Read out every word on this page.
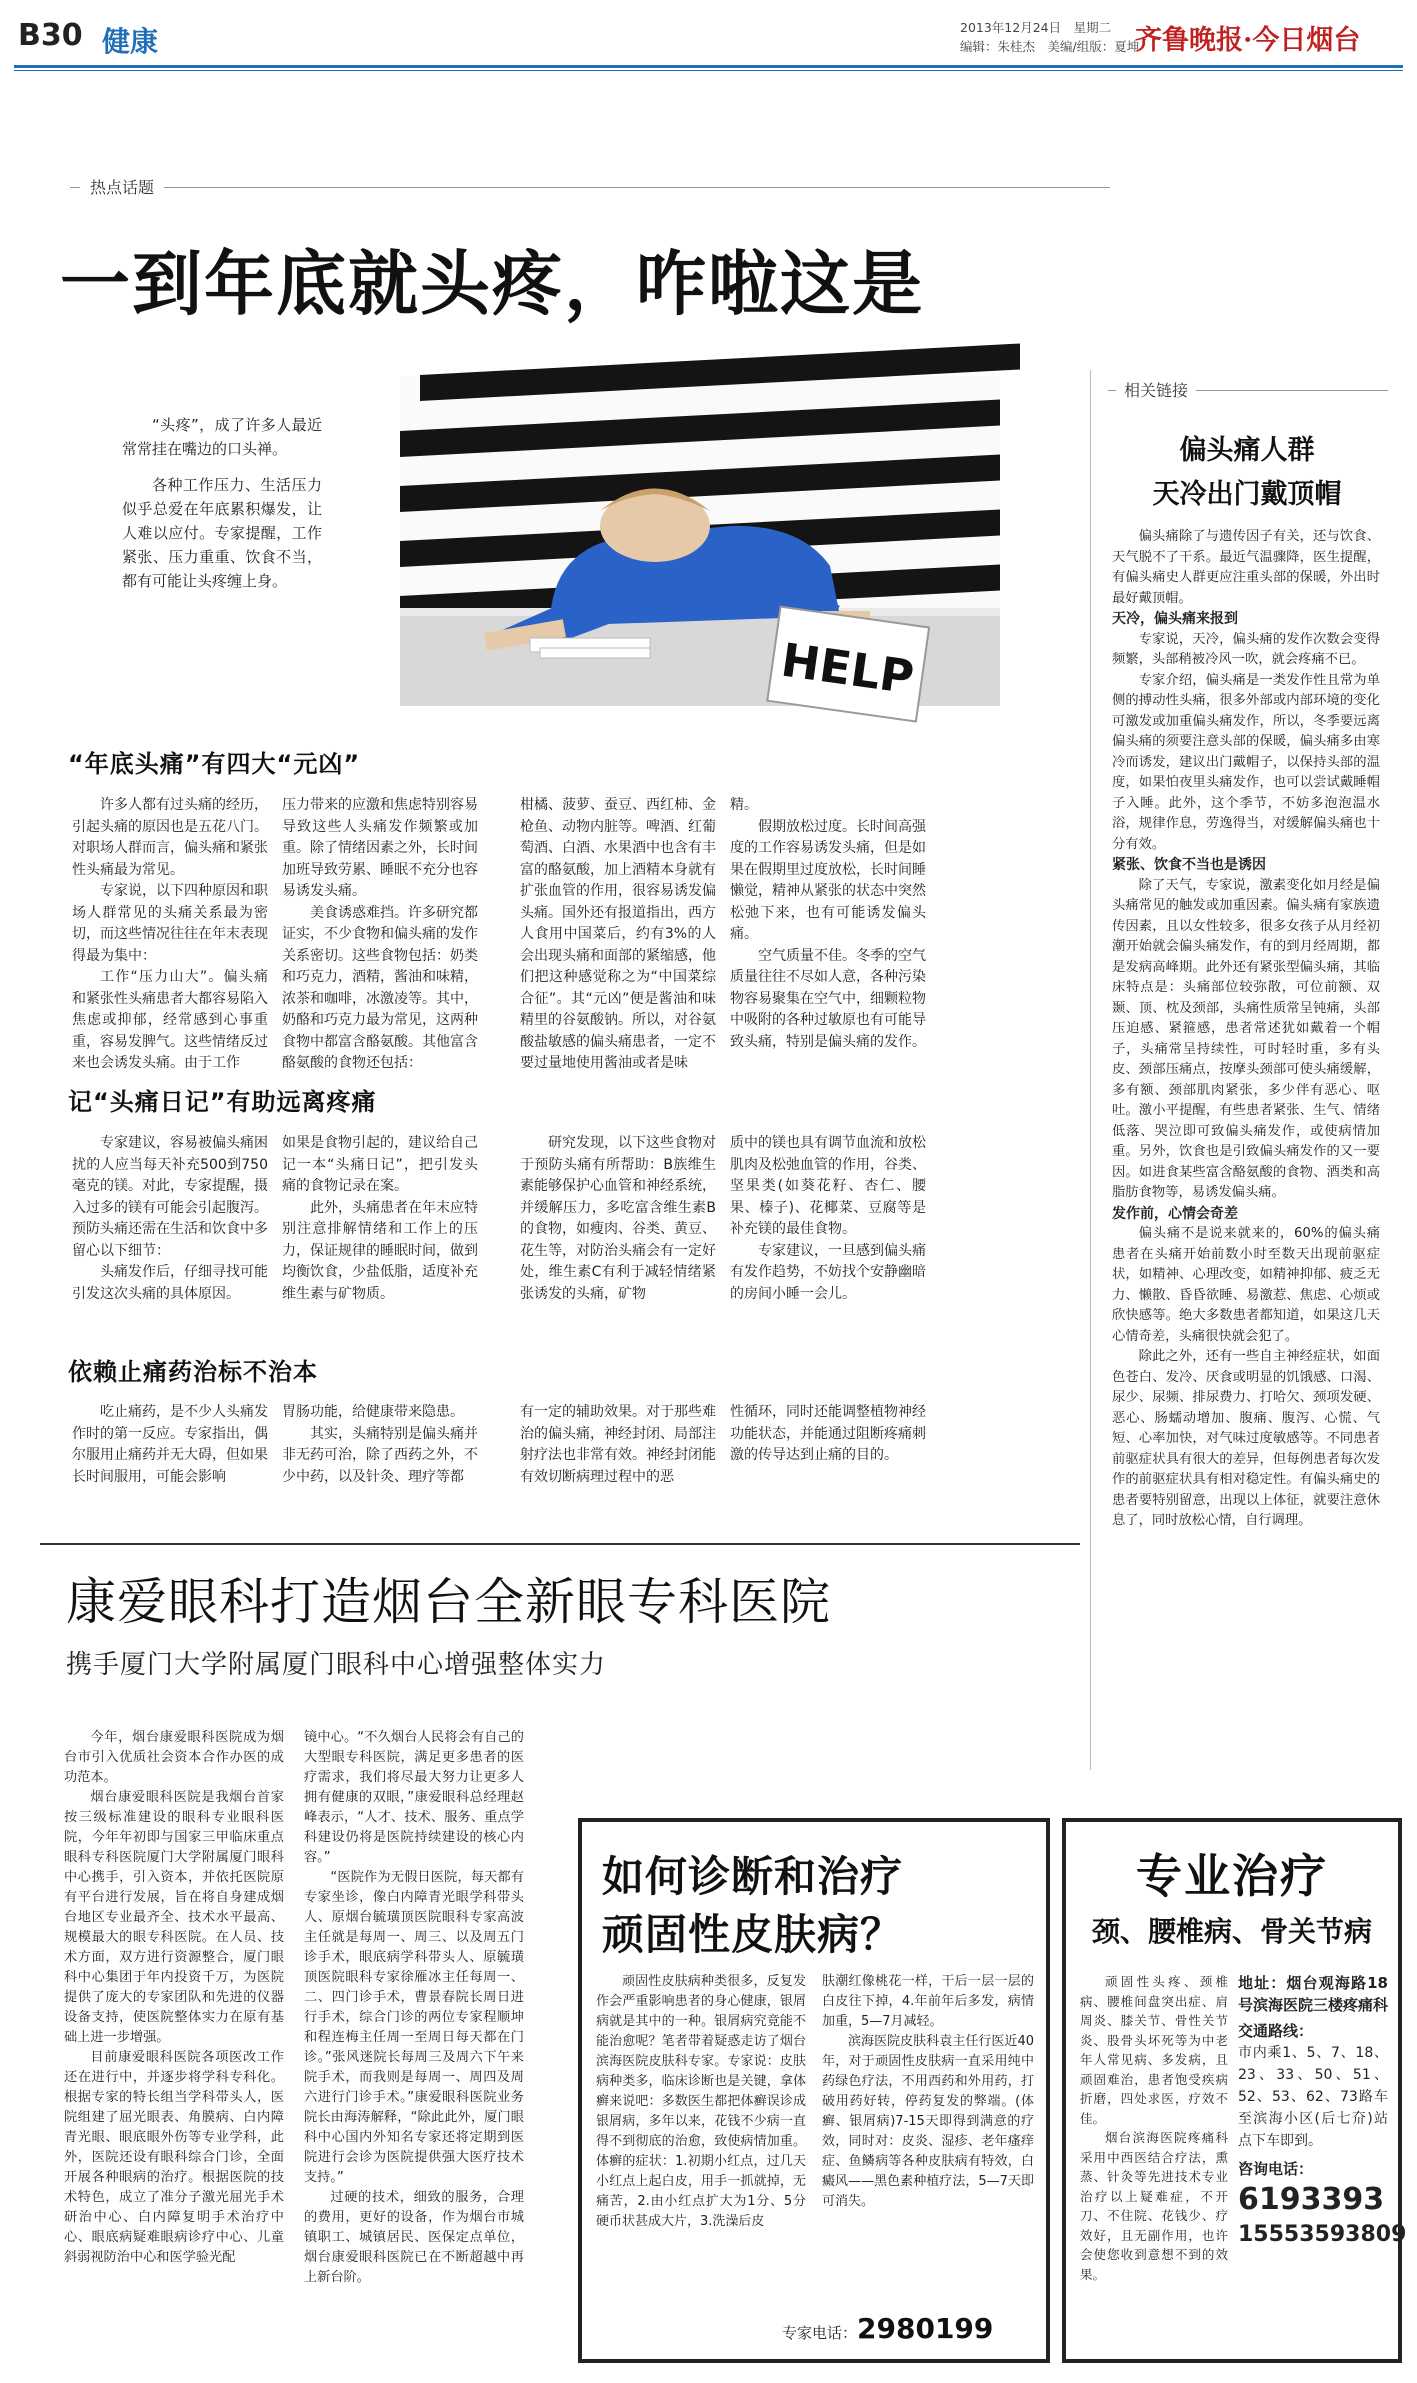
B30 健康	2013年12月24日　星期二
编辑：朱桂杰　美编/组版：夏坤
齐鲁晚报·今日烟台
热点话题
一到年底就头疼，咋啦这是

“头疼”，成了许多人最近常常挂在嘴边的口头禅。

各种工作压力、生活压力似乎总爱在年底累积爆发，让人难以应付。专家提醒，工作紧张、压力重重、饮食不当，都有可能让头疼缠上身。

HELP
“年底头痛”有四大“元凶”

许多人都有过头痛的经历，引起头痛的原因也是五花八门。对职场人群而言，偏头痛和紧张性头痛最为常见。

专家说，以下四种原因和职场人群常见的头痛关系最为密切，而这些情况往往在年末表现得最为集中：

工作“压力山大”。偏头痛和紧张性头痛患者大都容易陷入焦虑或抑郁，经常感到心事重重，容易发脾气。这些情绪反过来也会诱发头痛。由于工作

压力带来的应激和焦虑特别容易导致这些人头痛发作频繁或加重。除了情绪因素之外，长时间加班导致劳累、睡眠不充分也容易诱发头痛。

美食诱惑难挡。许多研究都证实，不少食物和偏头痛的发作关系密切。这些食物包括：奶类和巧克力，酒精，酱油和味精，浓茶和咖啡，冰激凌等。其中，奶酪和巧克力最为常见，这两种食物中都富含酪氨酸。其他富含酪氨酸的食物还包括：

柑橘、菠萝、蚕豆、西红柿、金枪鱼、动物内脏等。啤酒、红葡萄酒、白酒、水果酒中也含有丰富的酪氨酸，加上酒精本身就有扩张血管的作用，很容易诱发偏头痛。国外还有报道指出，西方人食用中国菜后，约有3%的人会出现头痛和面部的紧缩感，他们把这种感觉称之为“中国菜综合征”。其“元凶”便是酱油和味精里的谷氨酸钠。所以，对谷氨酸盐敏感的偏头痛患者，一定不要过量地使用酱油或者是味

精。

假期放松过度。长时间高强度的工作容易诱发头痛，但是如果在假期里过度放松，长时间睡懒觉，精神从紧张的状态中突然松弛下来，也有可能诱发偏头痛。

空气质量不佳。冬季的空气质量往往不尽如人意，各种污染物容易聚集在空气中，细颗粒物中吸附的各种过敏原也有可能导致头痛，特别是偏头痛的发作。

记“头痛日记”有助远离疼痛

专家建议，容易被偏头痛困扰的人应当每天补充500到750毫克的镁。对此，专家提醒，摄入过多的镁有可能会引起腹泻。预防头痛还需在生活和饮食中多留心以下细节：

头痛发作后，仔细寻找可能引发这次头痛的具体原因。

如果是食物引起的，建议给自己记一本“头痛日记”，把引发头痛的食物记录在案。

此外，头痛患者在年末应特别注意排解情绪和工作上的压力，保证规律的睡眠时间，做到均衡饮食，少盐低脂，适度补充维生素与矿物质。

研究发现，以下这些食物对于预防头痛有所帮助：B族维生素能够保护心血管和神经系统，并缓解压力，多吃富含维生素B的食物，如瘦肉、谷类、黄豆、花生等，对防治头痛会有一定好处，维生素C有利于减轻情绪紧张诱发的头痛，矿物

质中的镁也具有调节血流和放松肌肉及松弛血管的作用，谷类、坚果类(如葵花籽、杏仁、腰果、榛子)、花椰菜、豆腐等是补充镁的最佳食物。

专家建议，一旦感到偏头痛有发作趋势，不妨找个安静幽暗的房间小睡一会儿。

依赖止痛药治标不治本

吃止痛药，是不少人头痛发作时的第一反应。专家指出，偶尔服用止痛药并无大碍，但如果长时间服用，可能会影响

胃肠功能，给健康带来隐患。

其实，头痛特别是偏头痛并非无药可治，除了西药之外，不少中药，以及针灸、理疗等都

有一定的辅助效果。对于那些难治的偏头痛，神经封闭、局部注射疗法也非常有效。神经封闭能有效切断病理过程中的恶

性循环，同时还能调整植物神经功能状态，并能通过阻断疼痛刺激的传导达到止痛的目的。

相关链接
偏头痛人群
天冷出门戴顶帽

偏头痛除了与遗传因子有关，还与饮食、天气脱不了干系。最近气温骤降，医生提醒，有偏头痛史人群更应注重头部的保暖，外出时最好戴顶帽。

天冷，偏头痛来报到

专家说，天冷，偏头痛的发作次数会变得频繁，头部稍被冷风一吹，就会疼痛不已。

专家介绍，偏头痛是一类发作性且常为单侧的搏动性头痛，很多外部或内部环境的变化可激发或加重偏头痛发作，所以，冬季要远离偏头痛的须要注意头部的保暖，偏头痛多由寒冷而诱发，建议出门戴帽子，以保持头部的温度，如果怕夜里头痛发作，也可以尝试戴睡帽子入睡。此外，这个季节，不妨多泡泡温水浴，规律作息，劳逸得当，对缓解偏头痛也十分有效。

紧张、饮食不当也是诱因

除了天气，专家说，激素变化如月经是偏头痛常见的触发或加重因素。偏头痛有家族遗传因素，且以女性较多，很多女孩子从月经初潮开始就会偏头痛发作，有的到月经周期，都是发病高峰期。此外还有紧张型偏头痛，其临床特点是：头痛部位较弥散，可位前额、双颞、顶、枕及颈部，头痛性质常呈钝痛，头部压迫感、紧箍感，患者常述犹如戴着一个帽子，头痛常呈持续性，可时轻时重，多有头皮、颈部压痛点，按摩头颈部可使头痛缓解，多有额、颈部肌肉紧张，多少伴有恶心、呕吐。激小平提醒，有些患者紧张、生气、情绪低落、哭泣即可致偏头痛发作，或使病情加重。另外，饮食也是引致偏头痛发作的又一要因。如进食某些富含酪氨酸的食物、酒类和高脂肪食物等，易诱发偏头痛。

发作前，心情会奇差

偏头痛不是说来就来的，60%的偏头痛患者在头痛开始前数小时至数天出现前驱症状，如精神、心理改变，如精神抑郁、疲乏无力、懒散、昏昏欲睡、易激惹、焦虑、心烦或欣快感等。绝大多数患者都知道，如果这几天心情奇差，头痛很快就会犯了。

除此之外，还有一些自主神经症状，如面色苍白、发冷、厌食或明显的饥饿感、口渴、尿少、尿频、排尿费力、打哈欠、颈项发硬、恶心、肠蠕动增加、腹痛、腹泻、心慌、气短、心率加快，对气味过度敏感等。不同患者前驱症状具有很大的差异，但每例患者每次发作的前驱症状具有相对稳定性。有偏头痛史的患者要特别留意，出现以上体征，就要注意休息了，同时放松心情，自行调理。

康爱眼科打造烟台全新眼专科医院
携手厦门大学附属厦门眼科中心增强整体实力

今年，烟台康爱眼科医院成为烟台市引入优质社会资本合作办医的成功范本。

烟台康爱眼科医院是我烟台首家按三级标准建设的眼科专业眼科医院，今年年初即与国家三甲临床重点眼科专科医院厦门大学附属厦门眼科中心携手，引入资本，并依托医院原有平台进行发展，旨在将自身建成烟台地区专业最齐全、技术水平最高、规模最大的眼专科医院。在人员、技术方面，双方进行资源整合，厦门眼科中心集团于年内投资千万，为医院提供了庞大的专家团队和先进的仪器设备支持，使医院整体实力在原有基础上进一步增强。

目前康爱眼科医院各项医改工作还在进行中，并逐步将学科专科化。根据专家的特长组当学科带头人，医院组建了屈光眼表、角膜病、白内障青光眼、眼底眼外伤等专业学科，此外，医院还设有眼科综合门诊，全面开展各种眼病的治疗。根据医院的技术特色，成立了准分子激光屈光手术研治中心、白内障复明手术治疗中心、眼底病疑难眼病诊疗中心、儿童斜弱视防治中心和医学验光配

镜中心。“不久烟台人民将会有自己的大型眼专科医院，满足更多患者的医疗需求，我们将尽最大努力让更多人拥有健康的双眼，”康爱眼科总经理赵峰表示，“人才、技术、服务、重点学科建设仍将是医院持续建设的核心内容。”

“医院作为无假日医院，每天都有专家坐诊，像白内障青光眼学科带头人、原烟台毓璜顶医院眼科专家高波主任就是每周一、周三、以及周五门诊手术，眼底病学科带头人、原毓璜顶医院眼科专家徐雁冰主任每周一、二、四门诊手术，曹景春院长周日进行手术，综合门诊的两位专家程顺坤和程连梅主任周一至周日每天都在门诊。”张风迷院长每周三及周六下午来院手术，而我则是每周一、周四及周六进行门诊手术。”康爱眼科医院业务院长由海涛解释，“除此此外，厦门眼科中心国内外知名专家还将定期到医院进行会诊为医院提供强大医疗技术支持。”

过硬的技术，细致的服务，合理的费用，更好的设备，作为烟台市城镇职工、城镇居民、医保定点单位，烟台康爱眼科医院已在不断超越中再上新台阶。

如何诊断和治疗
顽固性皮肤病？

顽固性皮肤病种类很多，反复发作会严重影响患者的身心健康，银屑病就是其中的一种。银屑病究竟能不能治愈呢？笔者带着疑惑走访了烟台滨海医院皮肤科专家。专家说：皮肤病种类多，临床诊断也是关键，拿体癣来说吧：多数医生都把体癣误诊成银屑病，多年以来，花钱不少病一直得不到彻底的治愈，致使病情加重。体癣的症状：1.初期小红点，过几天小红点上起白皮，用手一抓就掉，无痛苦，2.由小红点扩大为1分、5分硬币状甚成大片，3.洗澡后皮

肤潮红像桃花一样，干后一层一层的白皮往下掉，4.年前年后多发，病情加重，5—7月减轻。

滨海医院皮肤科袁主任行医近40年，对于顽固性皮肤病一直采用纯中药绿色疗法，不用西药和外用药，打破用药好转，停药复发的弊端。(体癣、银屑病)7-15天即得到满意的疗效，同时对：皮炎、湿疹、老年瘙痒症、鱼鳞病等各种皮肤病有特效，白癜风——黑色素种植疗法，5—7天即可消失。

专家电话：2980199
专业治疗
颈、腰椎病、骨关节病

顽固性头疼、颈椎病、腰椎间盘突出症、肩周炎、膝关节、骨性关节炎、股骨头坏死等为中老年人常见病、多发病，且顽固难治，患者饱受疾病折磨，四处求医，疗效不佳。

烟台滨海医院疼痛科采用中西医结合疗法，熏蒸、针灸等先进技术专业治疗以上疑难症，不开刀、不住院、花钱少、疗效好，且无副作用，也许会使您收到意想不到的效果。

地址：烟台观海路18号滨海医院三楼疼痛科

交通路线：

市内乘1、5、7、18、23、33、50、51、52、53、62、73路车至滨海小区(后七夼)站点下车即到。

咨询电话：

6193393

15553593809
